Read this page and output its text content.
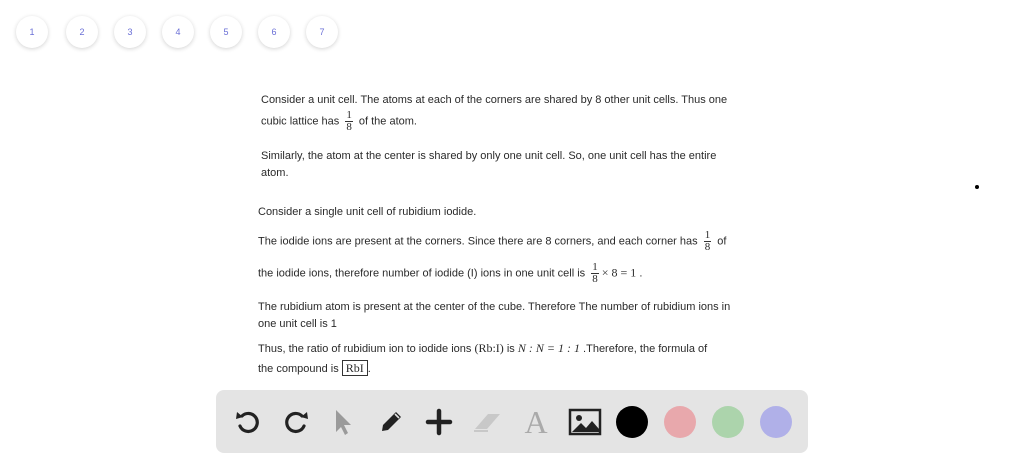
1	2	3	4	5	6	7
Consider a unit cell. The atoms at each of the corners are shared by 8 other unit cells. Thus one
cubic lattice has $\frac{1}{8}$ of the atom.
Similarly, the atom at the center is shared by only one unit cell. So, one unit cell has the entire
atom.
Consider a single unit cell of rubidium iodide.
The iodide ions are present at the corners. Since there are 8 corners, and each corner has $\frac{1}{8}$ of
the iodide ions, therefore number of iodide (I) ions in one unit cell is $\frac{1}{8} \times 8 = 1$ .
The rubidium atom is present at the center of the cube. Therefore The number of rubidium ions in
one unit cell is 1
Thus, the ratio of rubidium ion to iodide ions (Rb:I) is N : N = 1 : 1 .Therefore, the formula of
the compound is RbI .
A
